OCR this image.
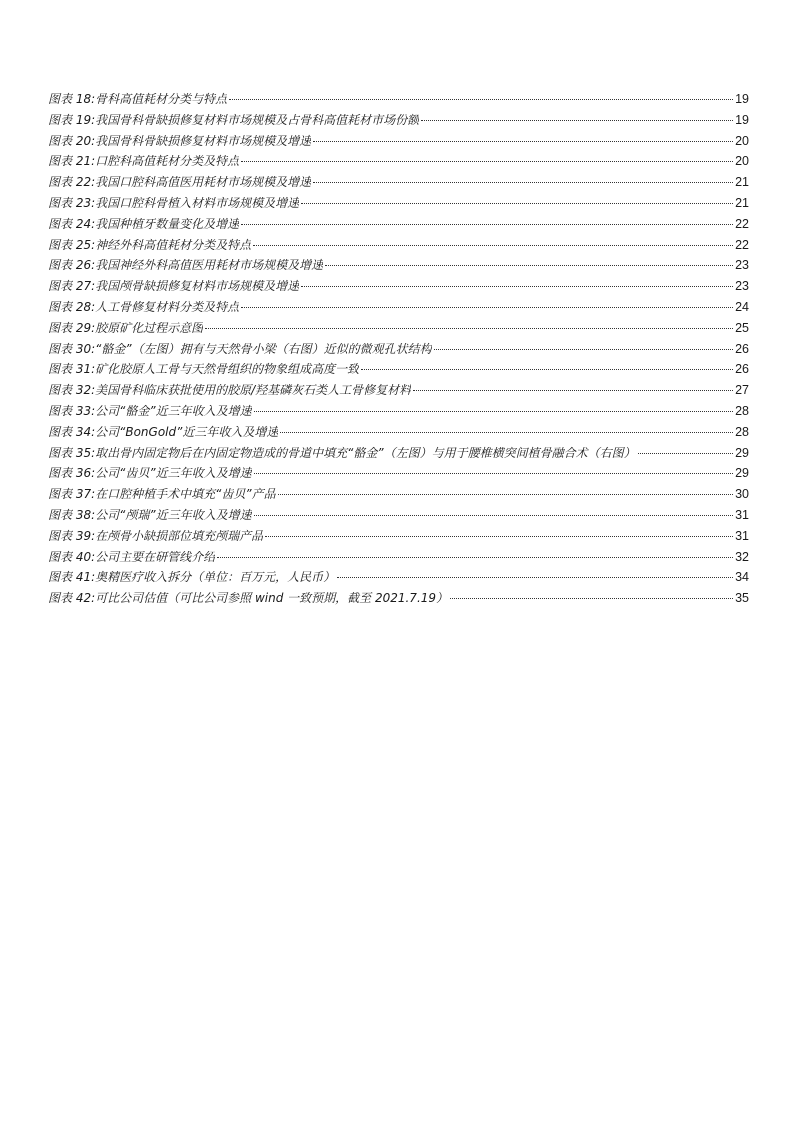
图表 18: 骨科高值耗材分类与特点	19
图表 19: 我国骨科骨缺损修复材料市场规模及占骨科高值耗材市场份额	19
图表 20: 我国骨科骨缺损修复材料市场规模及增速	20
图表 21: 口腔科高值耗材分类及特点	20
图表 22: 我国口腔科高值医用耗材市场规模及增速	21
图表 23: 我国口腔科骨植入材料市场规模及增速	21
图表 24: 我国种植牙数量变化及增速	22
图表 25: 神经外科高值耗材分类及特点	22
图表 26: 我国神经外科高值医用耗材市场规模及增速	23
图表 27: 我国颅骨缺损修复材料市场规模及增速	23
图表 28: 人工骨修复材料分类及特点	24
图表 29: 胶原矿化过程示意图	25
图表 30: “骼金”（左图）拥有与天然骨小梁（右图）近似的微观孔状结构	26
图表 31: 矿化胶原人工骨与天然骨组织的物象组成高度一致	26
图表 32: 美国骨科临床获批使用的胶原/羟基磷灰石类人工骨修复材料	27
图表 33: 公司“骼金”近三年收入及增速	28
图表 34: 公司“BonGold”近三年收入及增速	28
图表 35: 取出骨内固定物后在内固定物造成的骨道中填充“骼金”（左图）与用于腰椎横突间植骨融合术（右图）	29
图表 36: 公司“齿贝”近三年收入及增速	29
图表 37: 在口腔种植手术中填充“齿贝”产品	30
图表 38: 公司“颅瑞”近三年收入及增速	31
图表 39: 在颅骨小缺损部位填充颅瑞产品	31
图表 40: 公司主要在研管线介绍	32
图表 41: 奥精医疗收入拆分（单位：百万元，人民币）	34
图表 42: 可比公司估值（可比公司参照 wind 一致预期，截至 2021.7.19）	35
